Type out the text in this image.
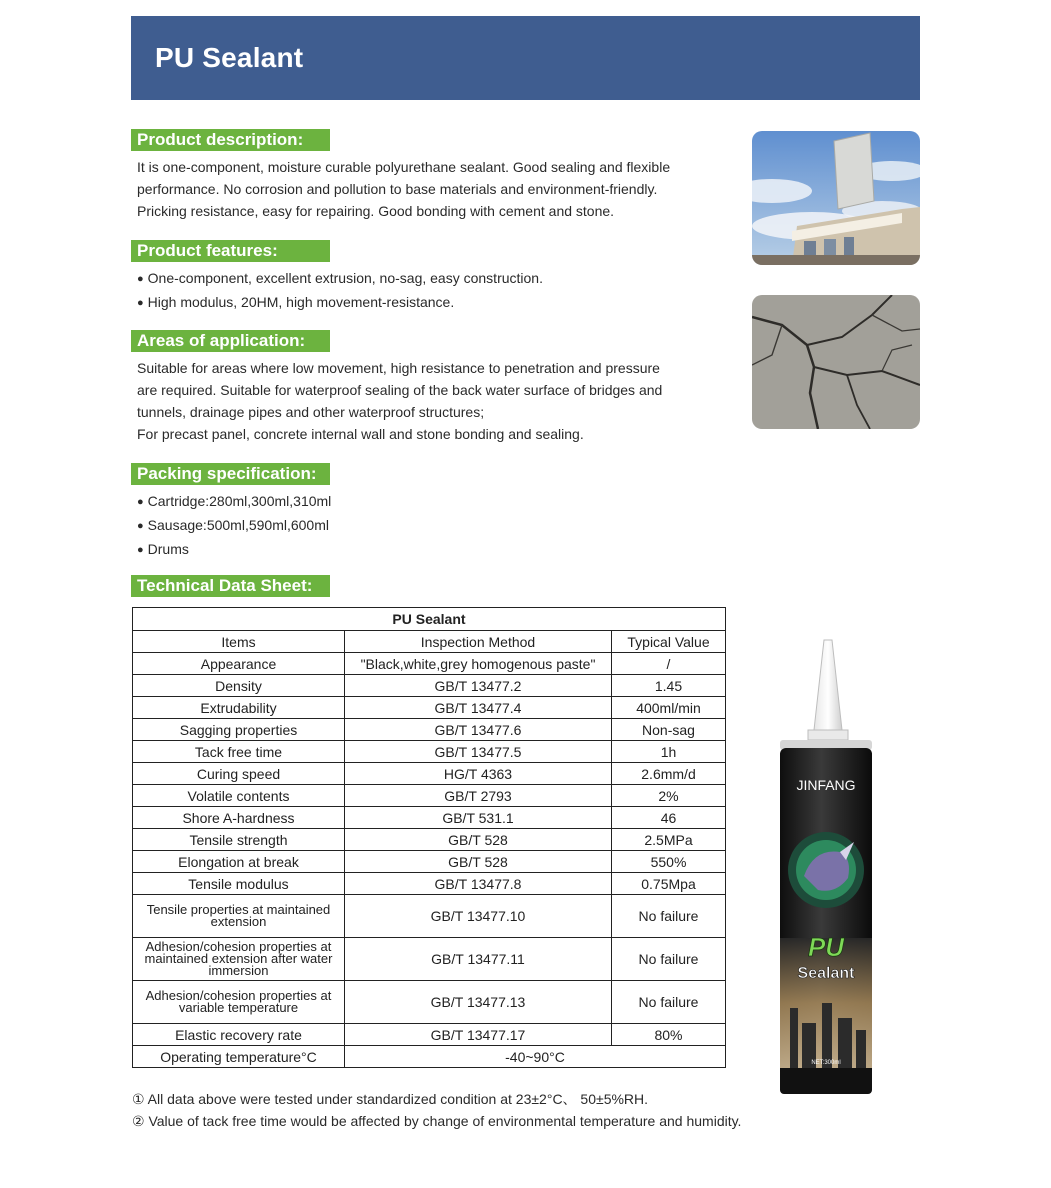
PU Sealant
Product description:

It is one-component, moisture curable polyurethane sealant. Good sealing and flexible

performance. No corrosion and pollution to base materials and environment-friendly.

Pricking resistance, easy for repairing. Good bonding with cement and stone.

Product features:
● One-component, excellent extrusion, no-sag, easy construction.
● High modulus, 20HM, high movement-resistance.
Areas of application:

Suitable for areas where low movement, high resistance to penetration and pressure

are required. Suitable for waterproof sealing of the back water surface of bridges and

tunnels, drainage pipes and other waterproof structures;

For precast panel, concrete internal wall and stone bonding and sealing.

Packing specification:
● Cartridge:280ml,300ml,310ml
● Sausage:500ml,590ml,600ml
● Drums
Technical Data Sheet:
PU Sealant		
Items	Inspection Method	Typical Value
Appearance	"Black,white,grey homogenous paste"	/
Density	GB/T 13477.2	1.45
Extrudability	GB/T 13477.4	400ml/min
Sagging properties	GB/T 13477.6	Non-sag
Tack free time	GB/T 13477.5	1h
Curing speed	HG/T 4363	2.6mm/d
Volatile contents	GB/T 2793	2%
Shore A-hardness	GB/T 531.1	46
Tensile strength	GB/T 528	2.5MPa
Elongation at break	GB/T 528	550%
Tensile modulus	GB/T 13477.8	0.75Mpa
Tensile properties at maintained extension	GB/T 13477.10	No failure
Adhesion/cohesion properties at maintained extension after water immersion	GB/T 13477.11	No failure
Adhesion/cohesion properties at variable temperature	GB/T 13477.13	No failure
Elastic recovery rate	GB/T 13477.17	80%
Operating temperature°C	-40~90°C	

① All data above were tested under standardized condition at 23±2°C、 50±5%RH.

② Value of tack free time would be affected by change of environmental temperature and humidity.

JINFANG
PU
Sealant
NET:300ml
